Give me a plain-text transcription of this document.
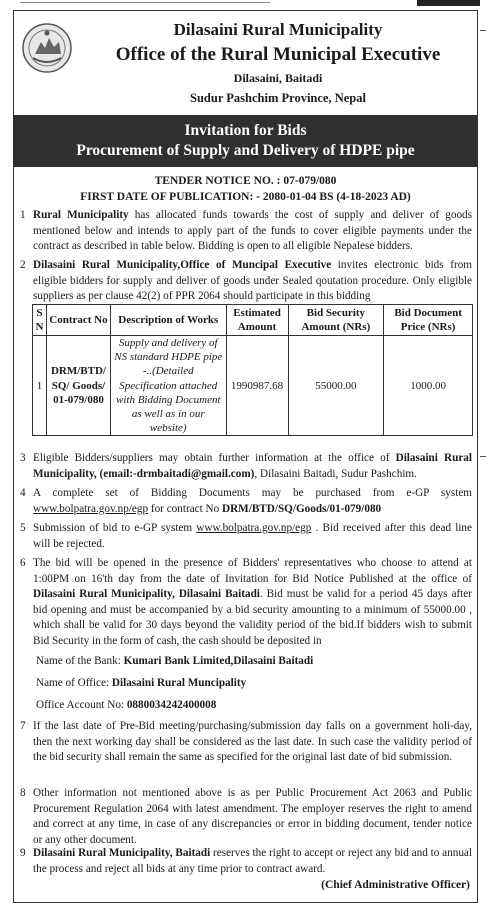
Dilasaini Rural Municipality
Office of the Rural Municipal Executive
Dilasaini, Baitadi
Sudur Pashchim Province, Nepal
Invitation for Bids
Procurement of Supply and Delivery of HDPE pipe
TENDER NOTICE NO. : 07-079/080
FIRST DATE OF PUBLICATION: - 2080-01-04 BS (4-18-2023 AD)
1 Rural Municipality has allocated funds towards the cost of supply and deliver of goods mentioned below and intends to apply part of the funds to cover eligible payments under the contract as described in table below. Bidding is open to all eligible Nepalese bidders.
2 Dilasaini Rural Municipality,Office of Muncipal Executive invites electronic bids from eligible bidders for supply and deliver of goods under Sealed qoutation procedure. Only eligible suppliers as per clause 42(2) of PPR 2064 should participate in this bidding
S N	Contract No	Description of Works	Estimated Amount	Bid Security Amount (NRs)	Bid Document Price (NRs)
1	DRM/BTD/ SQ/ Goods/ 01-079/080	Supply and delivery of NS standard HDPE pipe -..(Detailed Specification attached with Bidding Document as well as in our website)	1990987.68	55000.00	1000.00
3 Eligible Bidders/suppliers may obtain further information at the office of Dilasaini Rural Municipality, (email:-drmbaitadi@gmail.com), Dilasaini Baitadi, Sudur Pashchim.
4 A complete set of Bidding Documents may be purchased from e-GP system www.bolpatra.gov.np/egp for contract No DRM/BTD/SQ/Goods/01-079/080
5 Submission of bid to e-GP system www.bolpatra.gov.np/egp . Bid received after this dead line will be rejected.
6 The bid will be opened in the presence of Bidders' representatives who choose to attend at 1:00PM on 16'th day from the date of Invitation for Bid Notice Published at the office of Dilasaini Rural Municipality, Dilasaini Baitadi. Bid must be valid for a period 45 days after bid opening and must be accompanied by a bid security amounting to a minimum of 55000.00 , which shall be valid for 30 days beyond the validity period of the bid.If bidders wish to submit Bid Security in the form of cash, the cash should be deposited in
Name of the Bank: Kumari Bank Limited,Dilasaini Baitadi
Name of Office: Dilasaini Rural Muncipality
Office Account No: 0880034242400008
7 If the last date of Pre-Bid meeting/purchasing/submission day falls on a government holi-day, then the next working day shall be considered as the last date. In such case the validity period of the bid security shall remain the same as specified for the original last date of bid submission.
8 Other information not mentioned above is as per Public Procurement Act 2063 and Public Procurement Regulation 2064 with latest amendment. The employer reserves the right to amend and correct at any time, in case of any discrepancies or error in bidding document, tender notice or any other document.
9 Dilasaini Rural Municipality, Baitadi reserves the right to accept or reject any bid and to annual the process and reject all bids at any time prior to contract award.
(Chief Administrative Officer)
